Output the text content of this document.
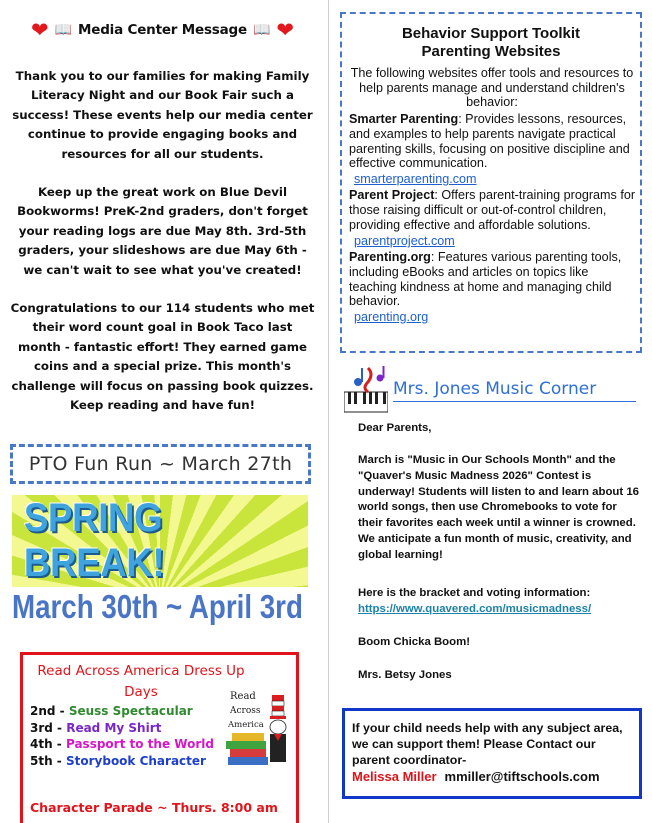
❤ 📖 Media Center Message 📖 ❤

Thank you to our families for making Family Literacy Night and our Book Fair such a success! These events help our media center continue to provide engaging books and resources for all our students.

Keep up the great work on Blue Devil Bookworms! PreK-2nd graders, don't forget your reading logs are due May 8th. 3rd-5th graders, your slideshows are due May 6th - we can't wait to see what you've created!

Congratulations to our 114 students who met their word count goal in Book Taco last month - fantastic effort! They earned game coins and a special prize. This month's challenge will focus on passing book quizzes. Keep reading and have fun!

PTO Fun Run ~ March 27th
SPRING BREAK!
March 30th ~ April 3rd
Read Across America Dress Up Days
2nd - Seuss Spectacular
3rd - Read My Shirt
4th - Passport to the World
5th - Storybook Character
Read
Across
America
Character Parade ~ Thurs. 8:00 am
Behavior Support Toolkit
Parenting Websites
The following websites offer tools and resources to help parents manage and understand children's behavior:
Smarter Parenting: Provides lessons, resources, and examples to help parents navigate practical parenting skills, focusing on positive discipline and effective communication.
smarterparenting.com
Parent Project: Offers parent-training programs for those raising difficult or out-of-control children, providing effective and affordable solutions.
parentproject.com
Parenting.org: Features various parenting tools, including eBooks and articles on topics like teaching kindness at home and managing child behavior.
parenting.org
Mrs. Jones Music Corner
Dear Parents,
March is "Music in Our Schools Month" and the "Quaver's Music Madness 2026" Contest is underway! Students will listen to and learn about 16 world songs, then use Chromebooks to vote for their favorites each week until a winner is crowned. We anticipate a fun month of music, creativity, and global learning!
Here is the bracket and voting information:
https://www.quavered.com/musicmadness/
Boom Chicka Boom!
Mrs. Betsy Jones
If your child needs help with any subject area, we can support them! Please Contact our parent coordinator-
Melissa Miller mmiller@tiftschools.com
